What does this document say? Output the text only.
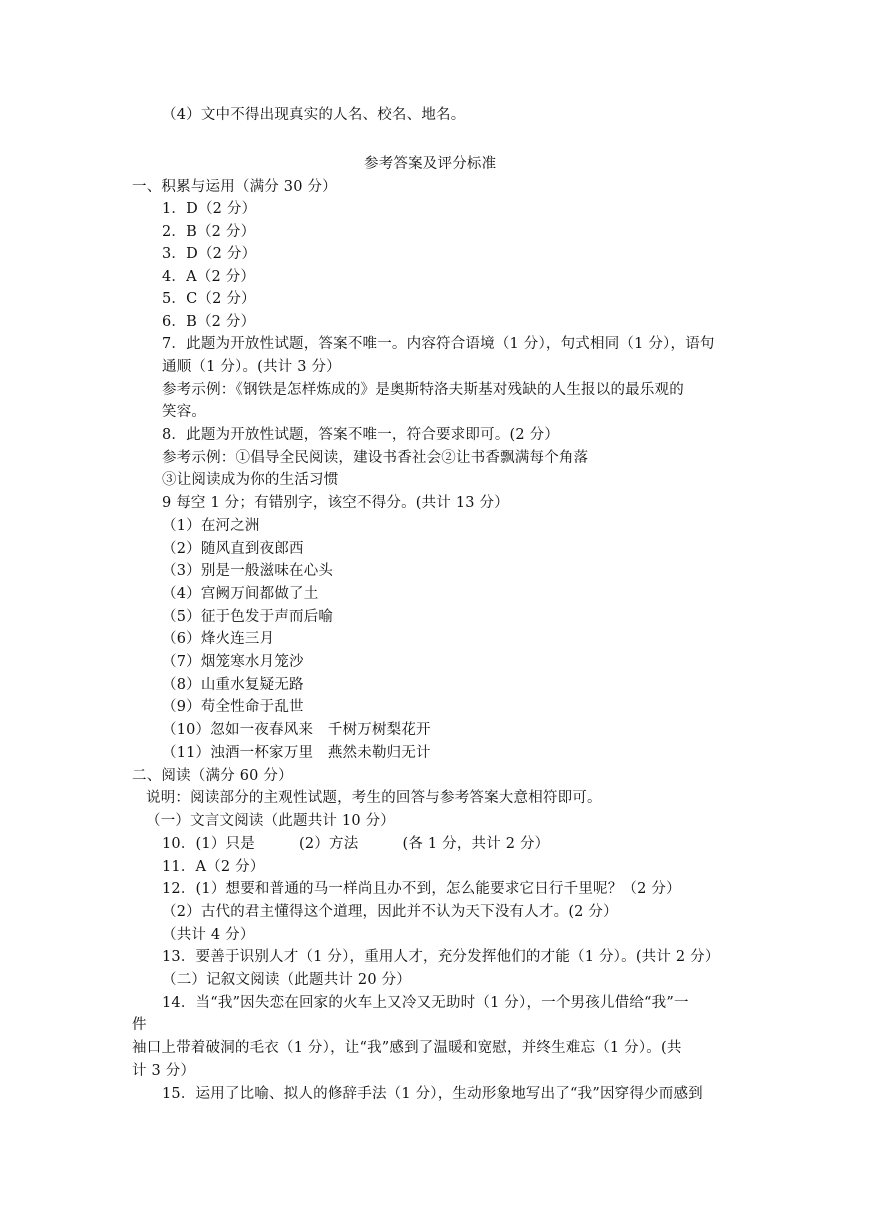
（4）文中不得出现真实的人名、校名、地名。
参考答案及评分标准
一、积累与运用（满分 30 分）
1．D（2 分）
2．B（2 分）
3．D（2 分）
4．A（2 分）
5．C（2 分）
6．B（2 分）
7．此题为开放性试题，答案不唯一。内容符合语境（1 分），句式相同（1 分），语句
通顺（1 分）。(共计 3 分）
参考示例：《钢铁是怎样炼成的》是奥斯特洛夫斯基对残缺的人生报以的最乐观的
笑容。
8．此题为开放性试题，答案不唯一，符合要求即可。(2 分）
参考示例：①倡导全民阅读，建设书香社会②让书香飘满每个角落
③让阅读成为你的生活习惯
9 每空 1 分；有错别字，该空不得分。(共计 13 分）
（1）在河之洲
（2）随风直到夜郎西
（3）别是一般滋味在心头
（4）宫阙万间都做了土
（5）征于色发于声而后喻
（6）烽火连三月
（7）烟笼寒水月笼沙
（8）山重水复疑无路
（9）苟全性命于乱世
（10）忽如一夜春风来　千树万树梨花开
（11）浊酒一杯家万里　燕然未勒归无计
二、阅读（满分 60 分）
说明：阅读部分的主观性试题，考生的回答与参考答案大意相符即可。
（一）文言文阅读（此题共计 10 分）
10．(1）只是　　　(2）方法　　　(各 1 分，共计 2 分）
11．A（2 分）
12．(1）想要和普通的马一样尚且办不到，怎么能要求它日行千里呢？（2 分）
（2）古代的君主懂得这个道理，因此并不认为天下没有人才。(2 分）
（共计 4 分）
13．要善于识别人才（1 分），重用人才，充分发挥他们的才能（1 分）。(共计 2 分）
（二）记叙文阅读（此题共计 20 分）
14．当“我”因失恋在回家的火车上又冷又无助时（1 分），一个男孩儿借给“我”一
件
袖口上带着破洞的毛衣（1 分），让“我”感到了温暖和宽慰，并终生难忘（1 分）。(共
计 3 分）
15．运用了比喻、拟人的修辞手法（1 分），生动形象地写出了“我”因穿得少而感到
